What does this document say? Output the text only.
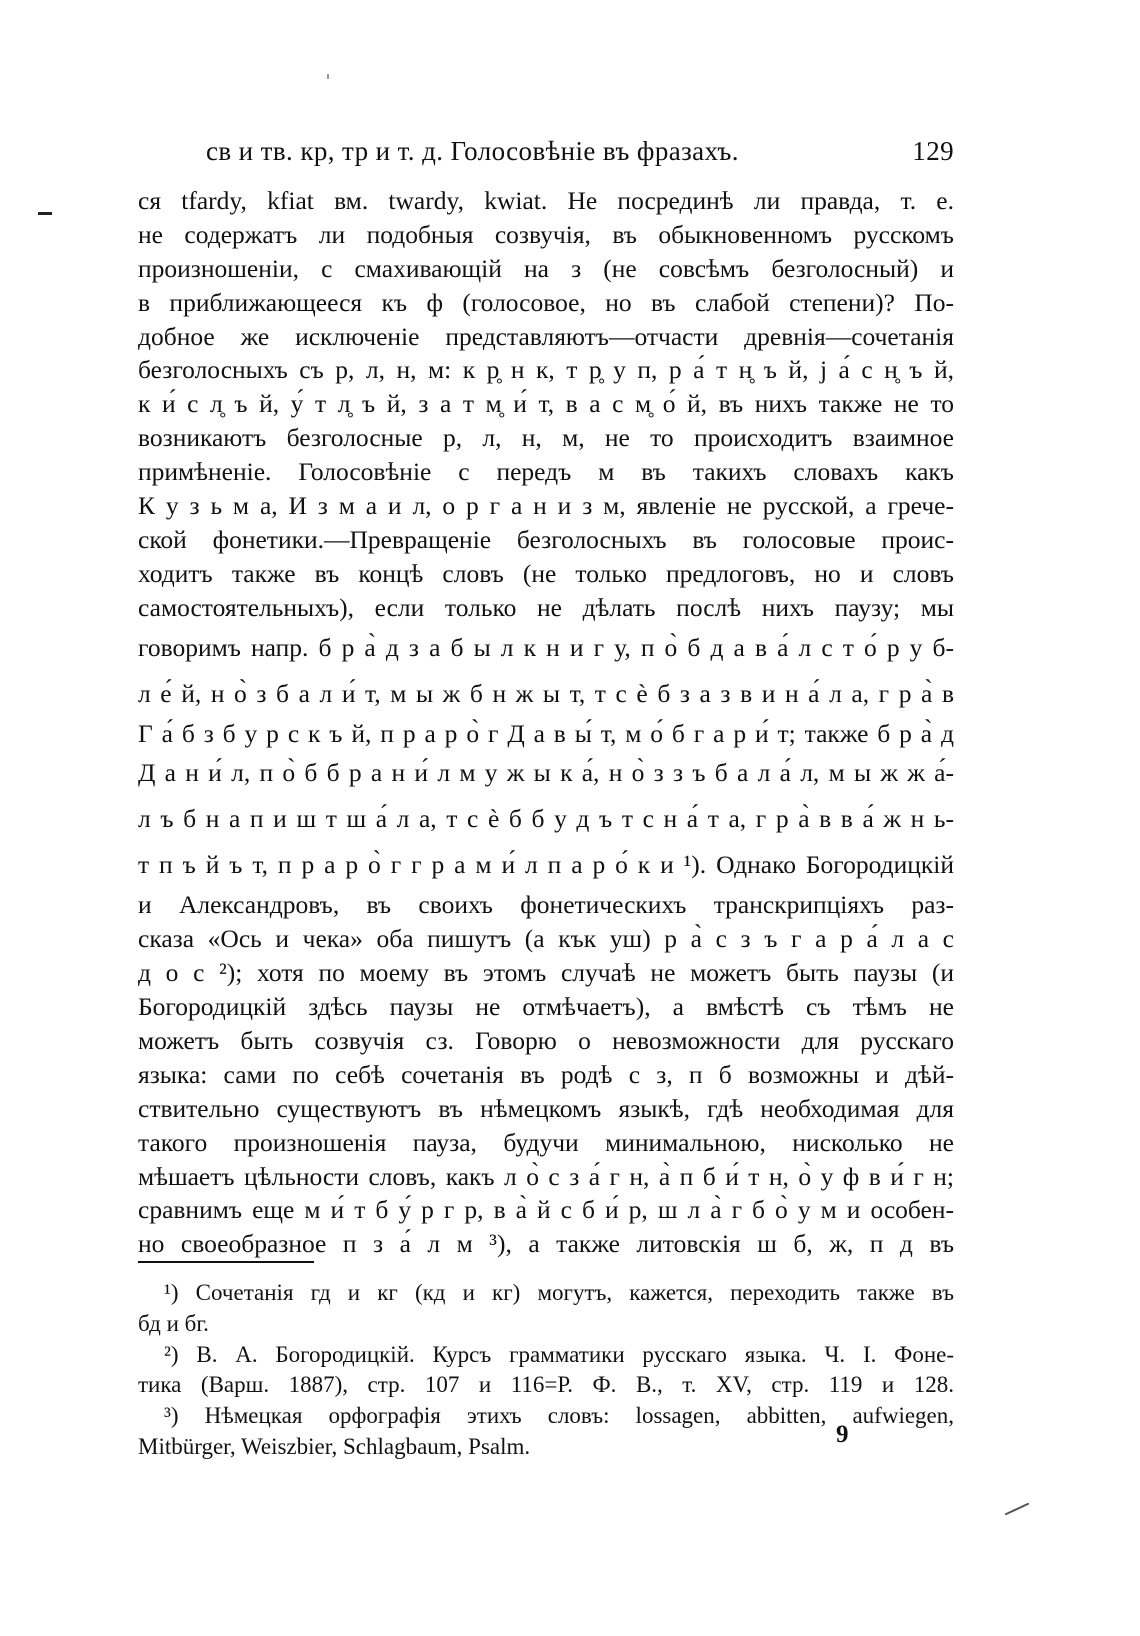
св и тв. кр, тр и т. д. Голосовѣніе въ фразахъ.	129
ся tfardy, kfiat вм. twardy, kwiat. Не посрединѣ ли правда, т. е.
не содержатъ ли подобныя созвучія, въ обыкновенномъ русскомъ
произношеніи, с смахивающій на з (не совсѣмъ безголосный) и
в приближающееся къ ф (голосовое, но въ слабой степени)? По-
добное же исключеніе представляютъ—отчасти древнія—сочетанія
безголосныхъ съ р, л, н, м: к р̥ н к, т р̥ у п, р а́ т н̥ ъ й, j а́ с н̥ ъ й,
к и́ с л̥ ъ й, у́ т л̥ ъ й, з а т м̥ и́ т, в а с м̥ о́ й, въ нихъ также не то
возникаютъ безголосные р, л, н, м, не то происходитъ взаимное
примѣненіе. Голосовѣніе с передъ м въ такихъ словахъ какъ
К у з ь м а, И з м а и л, о р г а н и з м, явленіе не русской, а грече-
ской фонетики.—Превращеніе безголосныхъ въ голосовые проис-
ходитъ также въ концѣ словъ (не только предлоговъ, но и словъ
самостоятельныхъ), если только не дѣлать послѣ нихъ паузу; мы
говоримъ напр. б р а̀ д з а б ы л к н и г у, п о̀ б д а в а́ л с т о́ р у б-
л е́ й, н о̀ з б а л и́ т, м ы ж б н ж ы т, т с ѐ б з а з в и н а́ л а, г р а̀ в
Г а́ б з б у р с к ъ й, п р а р о̀ г Д а в ы́ т, м о́ б г а р и́ т; также б р а̀ д
Д а н и́ л, п о̀ б б р а н и́ л м у ж ы к а́, н о̀ з з ъ б а л а́ л, м ы ж ж а́-
л ъ б н а п и ш т ш а́ л а, т с ѐ б б у д ъ т с н а́ т а, г р а̀ в в а́ ж н ь-
т п ъ й ъ т, п р а р о̀ г г р а м и́ л п а р о́ к и ¹). Однако Богородицкій
и Александровъ, въ своихъ фонетическихъ транскрипціяхъ раз-
сказа «Ось и чека» оба пишутъ (а кък уш) р а̀ с з ъ г а р а́ л а с
д о с ²); хотя по моему въ этомъ случаѣ не можетъ быть паузы (и
Богородицкій здѣсь паузы не отмѣчаетъ), а вмѣстѣ съ тѣмъ не
можетъ быть созвучія сз. Говорю о невозможности для русскаго
языка: сами по себѣ сочетанія въ родѣ с з, п б возможны и дѣй-
ствительно существуютъ въ нѣмецкомъ языкѣ, гдѣ необходимая для
такого произношенія пауза, будучи минимальною, нисколько не
мѣшаетъ цѣльности словъ, какъ л о̀ с з а́ г н, а̀ п б и́ т н, о̀ у ф в и́ г н;
сравнимъ еще м и́ т б у́ р г р, в а̀ й с б и́ р, ш л а̀ г б о̀ у м и особен-
но своеобразное п з а́ л м ³), а также литовскія ш б, ж, п д въ
¹) Сочетанія гд и кг (кд и кг) могутъ, кажется, переходить также въ
бд и бг.
²) В. А. Богородицкій. Курсъ грамматики русскаго языка. Ч. I. Фоне-
тика (Варш. 1887), стр. 107 и 116=Р. Ф. В., т. XV, стр. 119 и 128.
³) Нѣмецкая орфографія этихъ словъ: lossagen, abbitten, aufwiegen,
Mitbürger, Weiszbier, Schlagbaum, Psalm.	9
